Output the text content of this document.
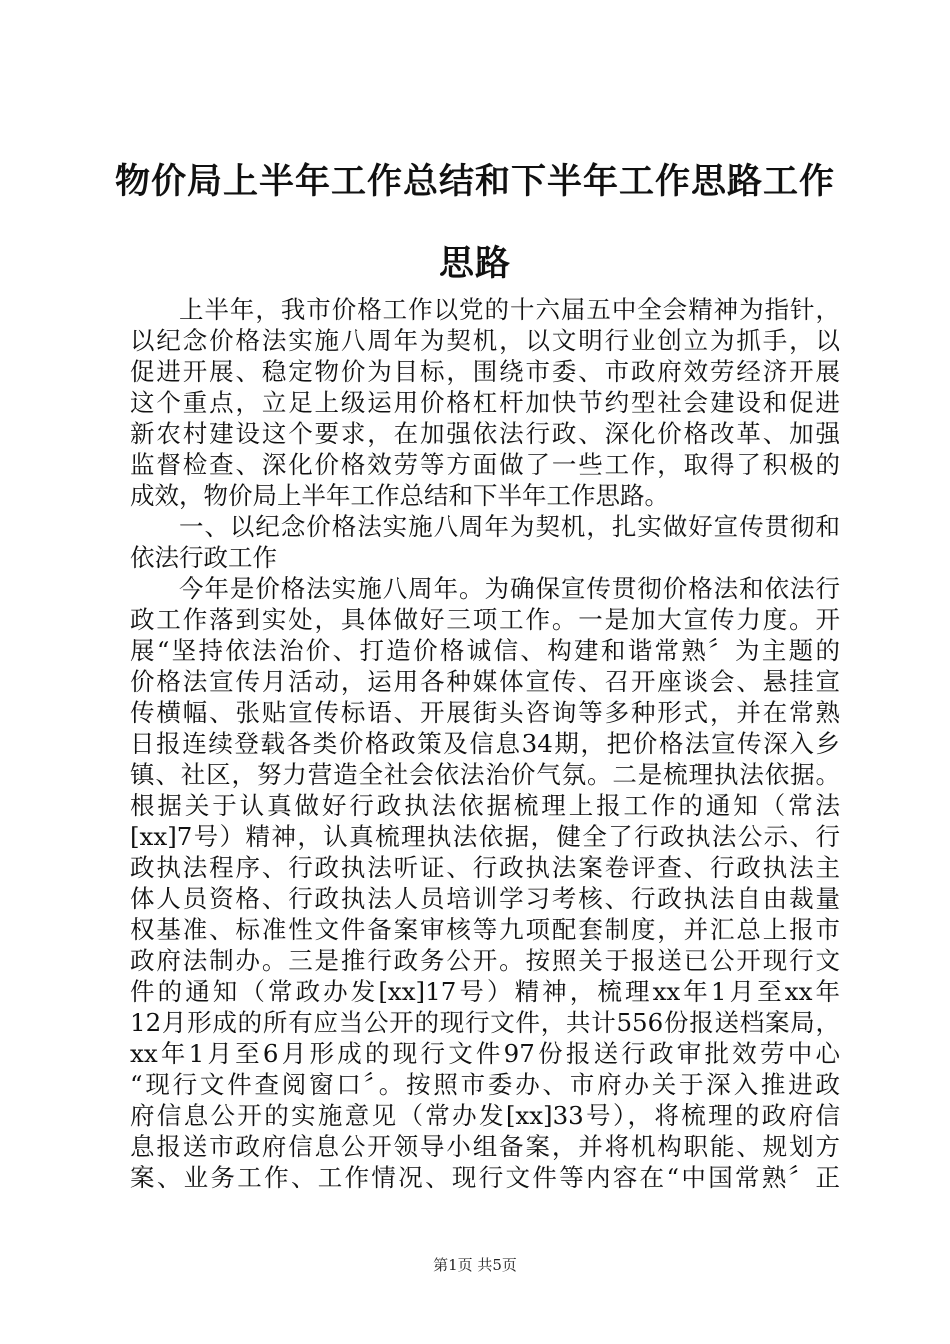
物价局上半年工作总结和下半年工作思路工作
思路
上半年，我市价格工作以党的十六届五中全会精神为指针，
以纪念价格法实施八周年为契机，以文明行业创立为抓手，以
促进开展、稳定物价为目标，围绕市委、市政府效劳经济开展
这个重点，立足上级运用价格杠杆加快节约型社会建设和促进
新农村建设这个要求，在加强依法行政、深化价格改革、加强
监督检查、深化价格效劳等方面做了一些工作，取得了积极的
成效，物价局上半年工作总结和下半年工作思路。
一、以纪念价格法实施八周年为契机，扎实做好宣传贯彻和
依法行政工作
今年是价格法实施八周年。为确保宣传贯彻价格法和依法行
政工作落到实处，具体做好三项工作。一是加大宣传力度。开
展“坚持依法治价、打造价格诚信、构建和谐常熟〞为主题的
价格法宣传月活动，运用各种媒体宣传、召开座谈会、悬挂宣
传横幅、张贴宣传标语、开展街头咨询等多种形式，并在常熟
日报连续登载各类价格政策及信息34期，把价格法宣传深入乡
镇、社区，努力营造全社会依法治价气氛。二是梳理执法依据。
根据关于认真做好行政执法依据梳理上报工作的通知（常法
[xx]7号）精神，认真梳理执法依据，健全了行政执法公示、行
政执法程序、行政执法听证、行政执法案卷评查、行政执法主
体人员资格、行政执法人员培训学习考核、行政执法自由裁量
权基准、标准性文件备案审核等九项配套制度，并汇总上报市
政府法制办。三是推行政务公开。按照关于报送已公开现行文
件的通知（常政办发[xx]17号）精神，梳理xx年1月至xx年
12月形成的所有应当公开的现行文件，共计556份报送档案局，
xx年1月至6月形成的现行文件97份报送行政审批效劳中心
“现行文件查阅窗口〞。按照市委办、市府办关于深入推进政
府信息公开的实施意见（常办发[xx]33号），将梳理的政府信
息报送市政府信息公开领导小组备案，并将机构职能、规划方
案、业务工作、工作情况、现行文件等内容在“中国常熟〞正
第1页 共5页
